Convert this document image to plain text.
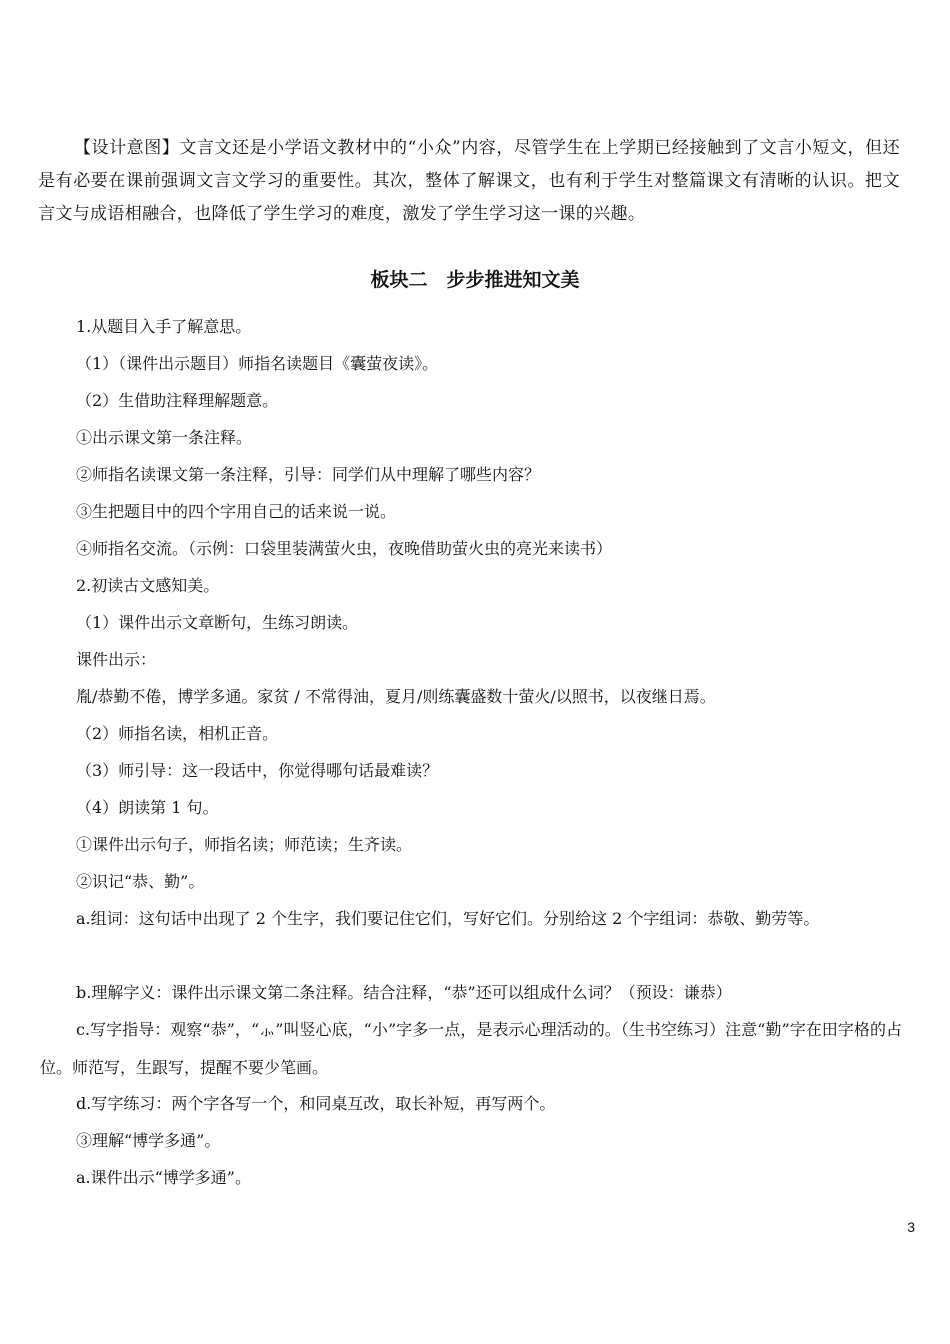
【设计意图】文言文还是小学语文教材中的“小众”内容，尽管学生在上学期已经接触到了文言小短文，但还是有必要在课前强调文言文学习的重要性。其次，整体了解课文，也有利于学生对整篇课文有清晰的认识。把文言文与成语相融合，也降低了学生学习的难度，激发了学生学习这一课的兴趣。

板块二　步步推进知文美

1.从题目入手了解意思。

（1）（课件出示题目）师指名读题目《囊萤夜读》。

（2）生借助注释理解题意。

①出示课文第一条注释。

②师指名读课文第一条注释，引导：同学们从中理解了哪些内容？

③生把题目中的四个字用自己的话来说一说。

④师指名交流。（示例：口袋里装满萤火虫，夜晚借助萤火虫的亮光来读书）

2.初读古文感知美。

（1）课件出示文章断句，生练习朗读。

课件出示：

胤/恭勤不倦，博学多通。家贫 / 不常得油，夏月/则练囊盛数十萤火/以照书，以夜继日焉。

（2）师指名读，相机正音。

（3）师引导：这一段话中，你觉得哪句话最难读？

（4）朗读第 1 句。

①课件出示句子，师指名读；师范读；生齐读。

②识记“恭、勤”。

a.组词：这句话中出现了 2 个生字，我们要记住它们，写好它们。分别给这 2 个字组词：恭敬、勤劳等。

b.理解字义：课件出示课文第二条注释。结合注释，“恭”还可以组成什么词？（预设：谦恭）

c.写字指导：观察“恭”，“⺗”叫竖心底，“小”字多一点，是表示心理活动的。（生书空练习）注意“勤”字在田字格的占位。师范写，生跟写，提醒不要少笔画。

d.写字练习：两个字各写一个，和同桌互改，取长补短，再写两个。

③理解“博学多通”。

a.课件出示“博学多通”。

3
